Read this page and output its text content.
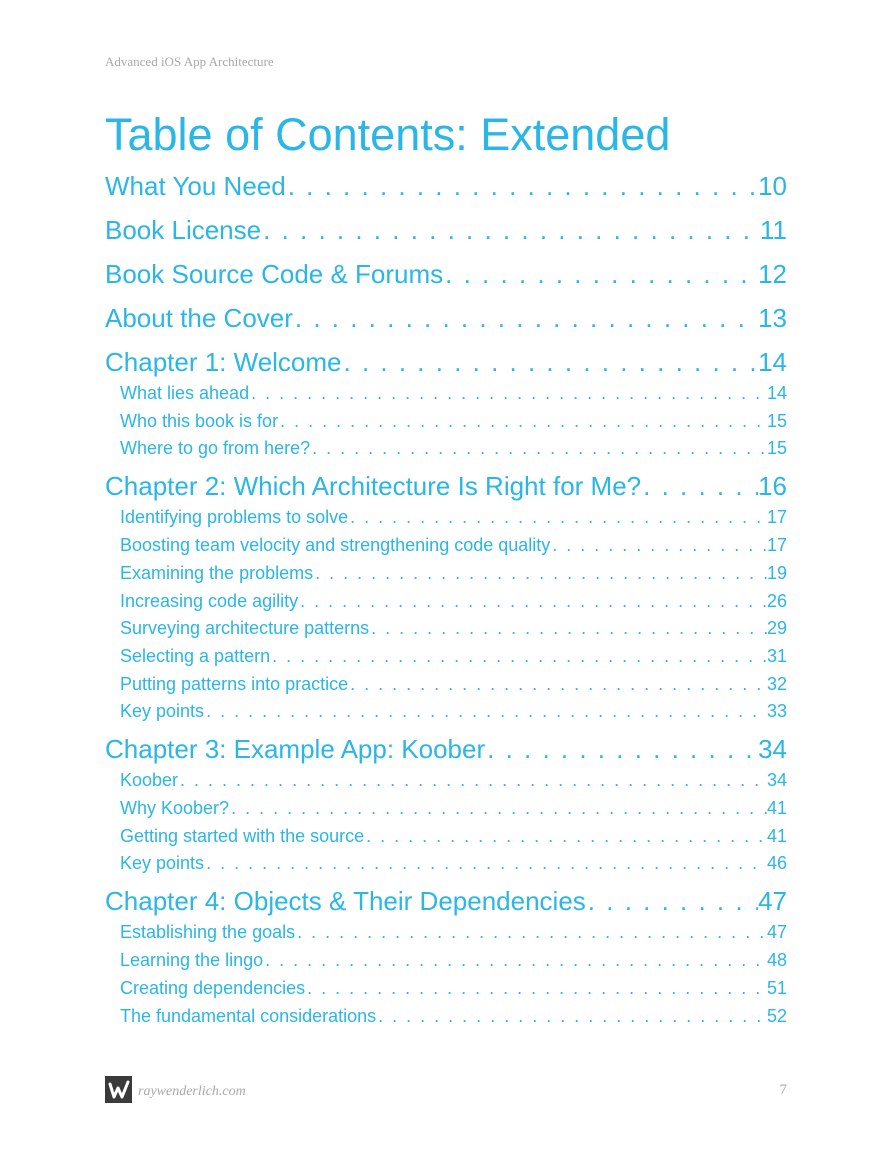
Advanced iOS App Architecture
Table of Contents: Extended
What You Need . . .	10
Book License . . .	11
Book Source Code & Forums . . .	12
About the Cover . . .	13
Chapter 1: Welcome . . .	14
What lies ahead . . .	14
Who this book is for . . .	15
Where to go from here? . . .	15
Chapter 2: Which Architecture Is Right for Me? . . .	16
Identifying problems to solve . . .	17
Boosting team velocity and strengthening code quality . . .	17
Examining the problems . . .	19
Increasing code agility . . .	26
Surveying architecture patterns . . .	29
Selecting a pattern . . .	31
Putting patterns into practice . . .	32
Key points . . .	33
Chapter 3: Example App: Koober . . .	34
Koober . . .	34
Why Koober? . . .	41
Getting started with the source . . .	41
Key points . . .	46
Chapter 4: Objects & Their Dependencies . . .	47
Establishing the goals . . .	47
Learning the lingo . . .	48
Creating dependencies . . .	51
The fundamental considerations . . .	52
raywenderlich.com	7
